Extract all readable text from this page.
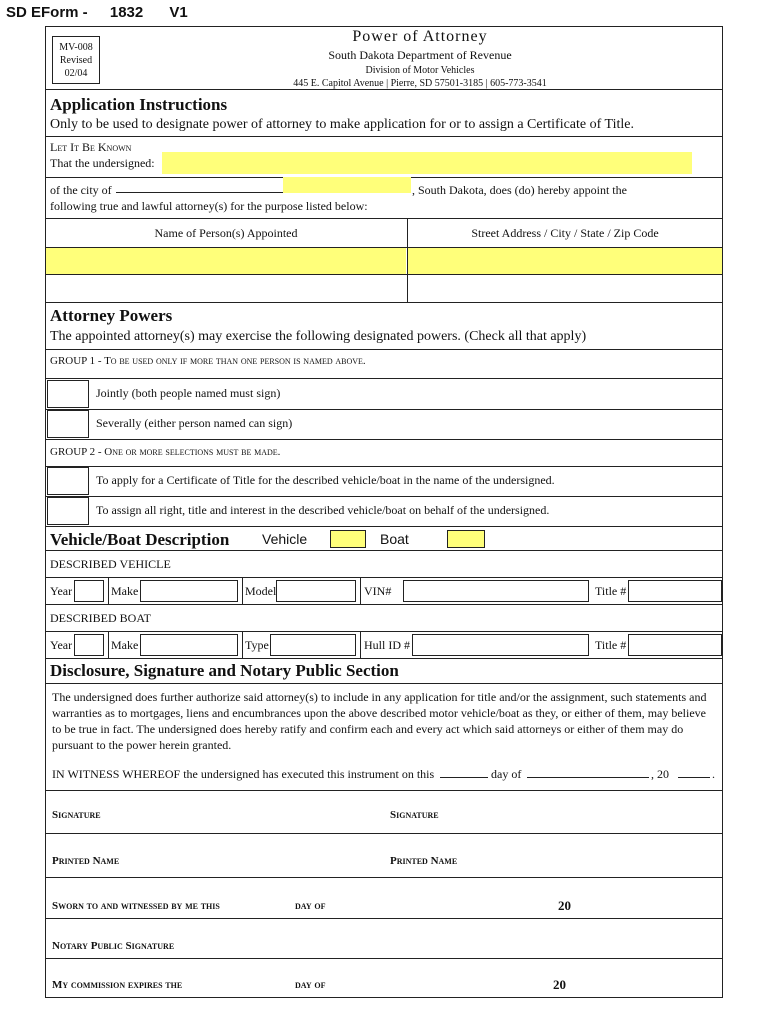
SD EForm - 1832 V1
MV-008
Revised
02/04
Power of Attorney
South Dakota Department of Revenue
Division of Motor Vehicles
445 E. Capitol Avenue | Pierre, SD 57501-3185 | 605-773-3541
Application Instructions
Only to be used to designate power of attorney to make application for or to assign a Certificate of Title.
Let It Be Known
That the undersigned:
of the city of	, South Dakota, does (do) hereby appoint the
following true and lawful attorney(s) for the purpose listed below:
Name of Person(s) Appointed	Street Address / City / State / Zip Code
Attorney Powers
The appointed attorney(s) may exercise the following designated powers. (Check all that apply)
GROUP 1 - To be used only if more than one person is named above.
Jointly (both people named must sign)
Severally (either person named can sign)
GROUP 2 - One or more selections must be made.
To apply for a Certificate of Title for the described vehicle/boat in the name of the undersigned.
To assign all right, title and interest in the described vehicle/boat on behalf of the undersigned.
Vehicle/Boat Description Vehicle	Boat
DESCRIBED VEHICLE
Year	Make	Model	VIN#	Title #
DESCRIBED BOAT
Year	Make	Type	Hull ID #	Title #
Disclosure, Signature and Notary Public Section
The undersigned does further authorize said attorney(s) to include in any application for title and/or the assignment, such statements and
warranties as to mortgages, liens and encumbrances upon the above described motor vehicle/boat as they, or either of them, may believe
to be true in fact. The undersigned does hereby ratify and confirm each and every act which said attorneys or either of them may do
pursuant to the power herein granted.
IN WITNESS WHEREOF the undersigned has executed this instrument on this	day of	, 20	.
Signature	Signature
Printed Name	Printed Name
Sworn to and witnessed by me this	day of	20
Notary Public Signature
My commission expires the	day of	20
